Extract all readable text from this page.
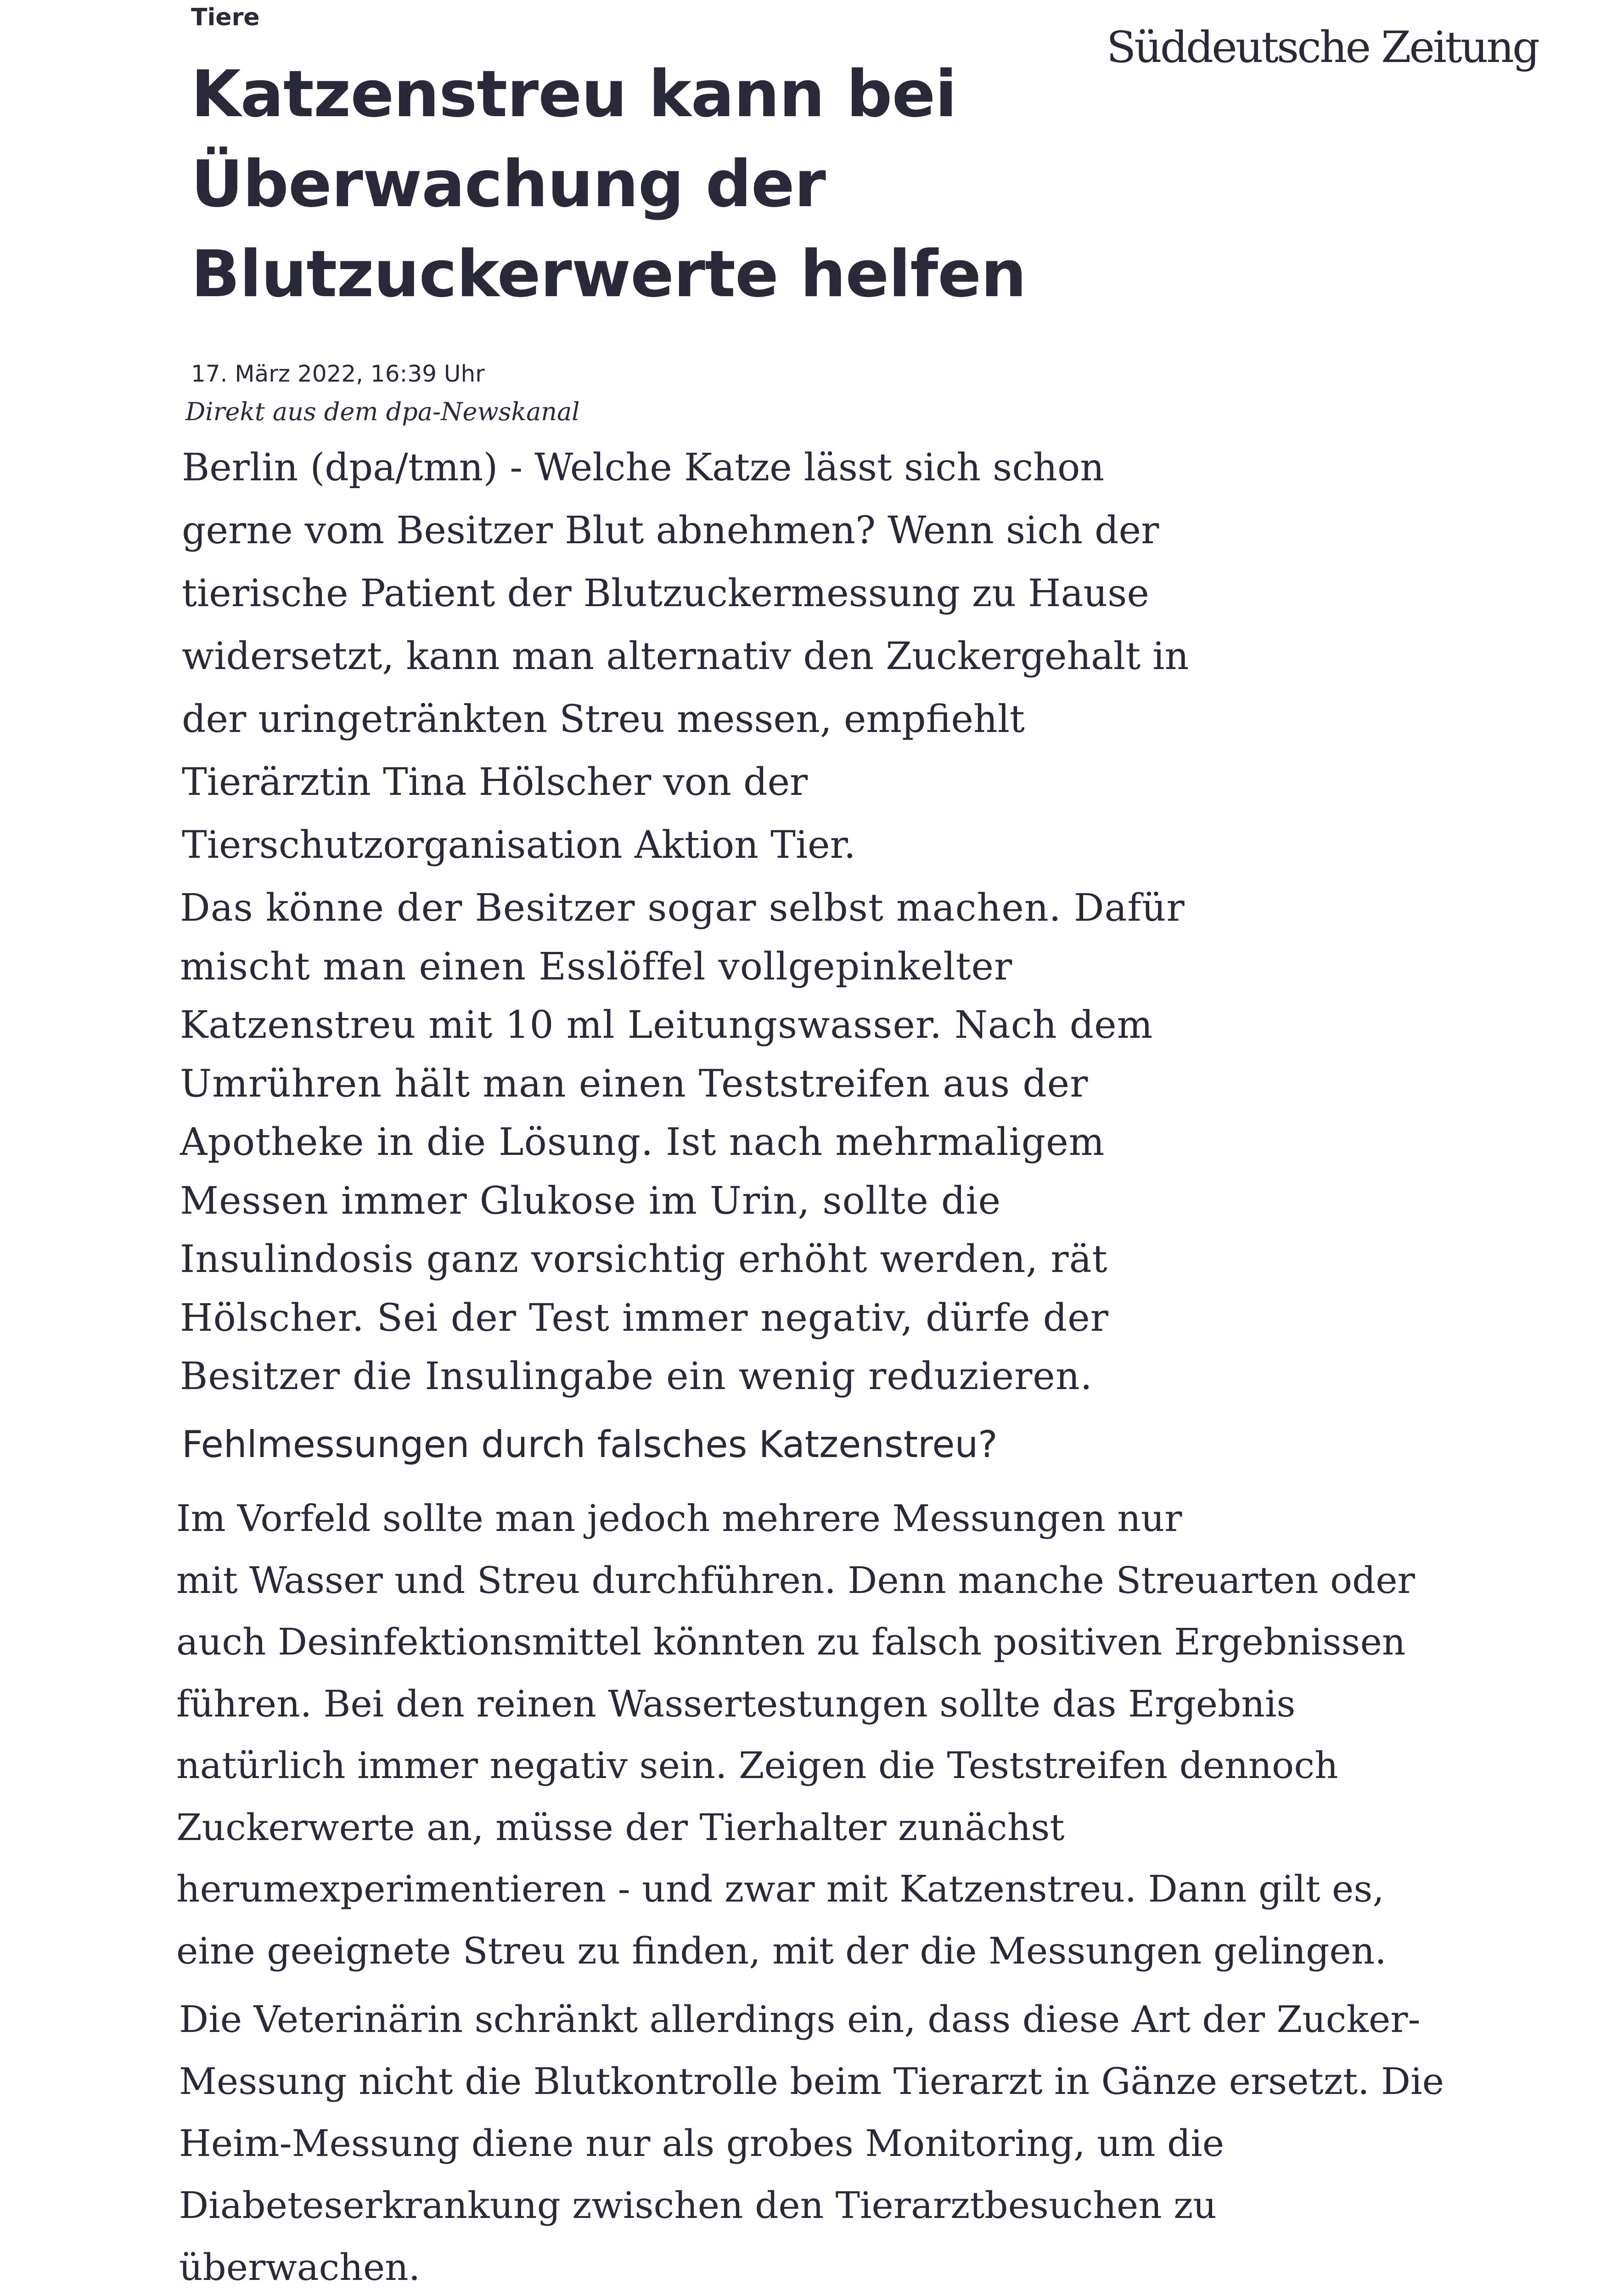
Tiere
Süddeutsche Zeitung
Katzenstreu kann bei
Überwachung der
Blutzuckerwerte helfen
17. März 2022, 16:39 Uhr
Direkt aus dem dpa-Newskanal

Berlin (dpa/tmn) - Welche Katze lässt sich schon
gerne vom Besitzer Blut abnehmen? Wenn sich der
tierische Patient der Blutzuckermessung zu Hause
widersetzt, kann man alternativ den Zuckergehalt in
der uringetränkten Streu messen, empfiehlt
Tierärztin Tina Hölscher von der
Tierschutzorganisation Aktion Tier.

Das könne der Besitzer sogar selbst machen. Dafür
mischt man einen Esslöffel vollgepinkelter
Katzenstreu mit 10 ml Leitungswasser. Nach dem
Umrühren hält man einen Teststreifen aus der
Apotheke in die Lösung. Ist nach mehrmaligem
Messen immer Glukose im Urin, sollte die
Insulindosis ganz vorsichtig erhöht werden, rät
Hölscher. Sei der Test immer negativ, dürfe der
Besitzer die Insulingabe ein wenig reduzieren.

Fehlmessungen durch falsches Katzenstreu?

Im Vorfeld sollte man jedoch mehrere Messungen nur
mit Wasser und Streu durchführen. Denn manche Streuarten oder
auch Desinfektionsmittel könnten zu falsch positiven Ergebnissen
führen. Bei den reinen Wassertestungen sollte das Ergebnis
natürlich immer negativ sein. Zeigen die Teststreifen dennoch
Zuckerwerte an, müsse der Tierhalter zunächst
herumexperimentieren - und zwar mit Katzenstreu. Dann gilt es,
eine geeignete Streu zu finden, mit der die Messungen gelingen.

Die Veterinärin schränkt allerdings ein, dass diese Art der Zucker-
Messung nicht die Blutkontrolle beim Tierarzt in Gänze ersetzt. Die
Heim-Messung diene nur als grobes Monitoring, um die
Diabeteserkrankung zwischen den Tierarztbesuchen zu
überwachen.
